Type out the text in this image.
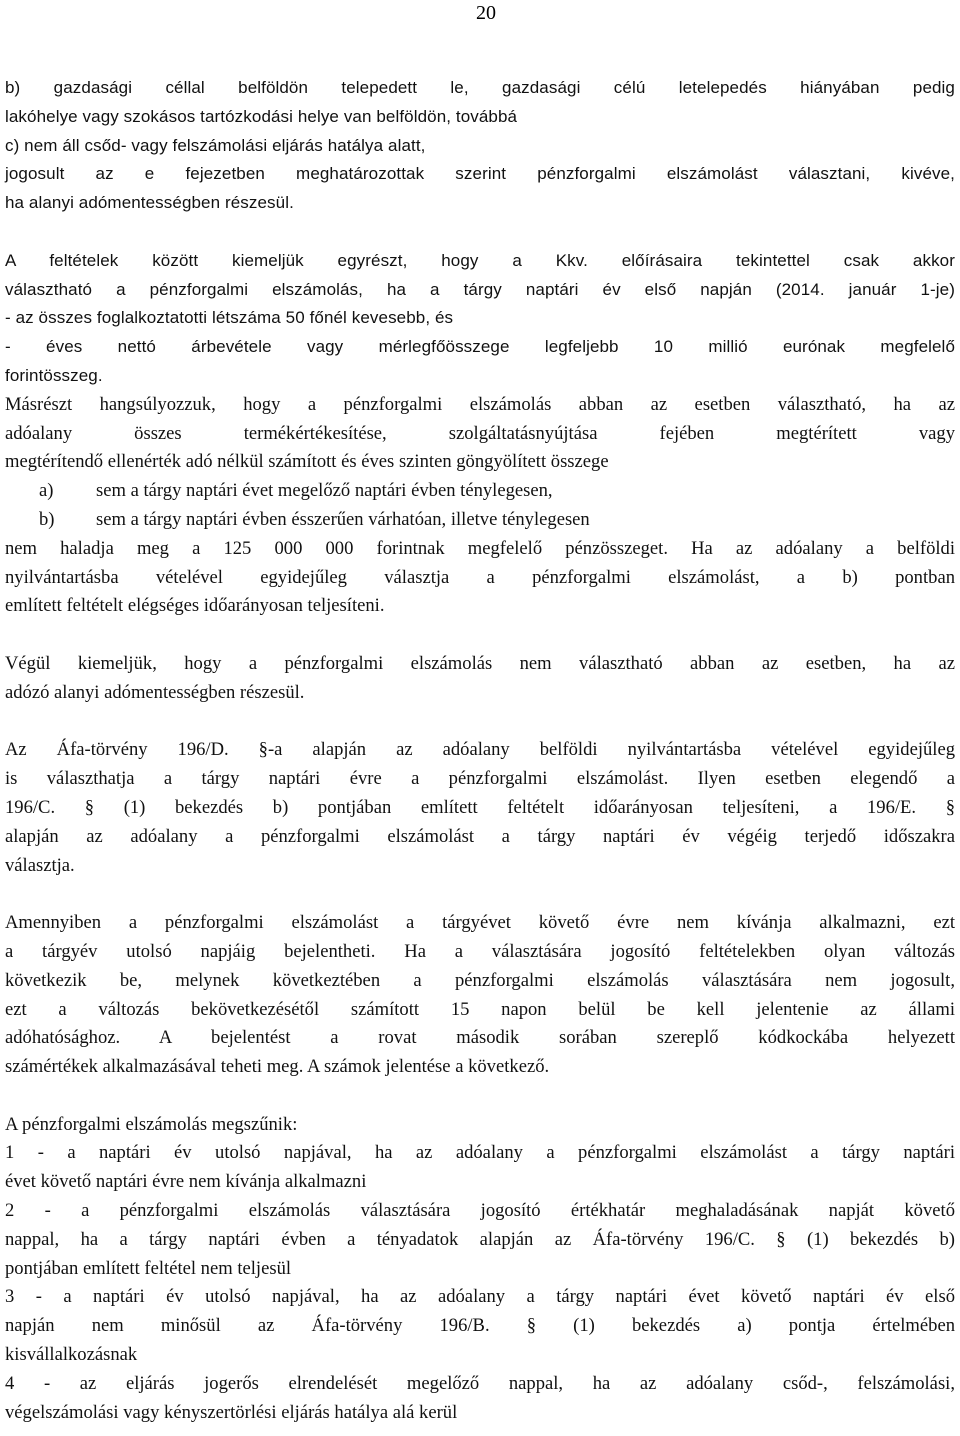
20
b) gazdasági céllal belföldön telepedett le, gazdasági célú letelepedés hiányában pedig
lakóhelye vagy szokásos tartózkodási helye van belföldön, továbbá
c) nem áll csőd- vagy felszámolási eljárás hatálya alatt,
jogosult az e fejezetben meghatározottak szerint pénzforgalmi elszámolást választani, kivéve,
ha alanyi adómentességben részesül.
A feltételek között kiemeljük egyrészt, hogy a Kkv. előírásaira tekintettel csak akkor
választható a pénzforgalmi elszámolás, ha a tárgy naptári év első napján (2014. január 1-je)
- az összes foglalkoztatotti létszáma 50 főnél kevesebb, és
- éves nettó árbevétele vagy mérlegfőösszege legfeljebb 10 millió eurónak megfelelő
forintösszeg.
Másrészt hangsúlyozzuk, hogy a pénzforgalmi elszámolás abban az esetben választható, ha az
adóalany összes termékértékesítése, szolgáltatásnyújtása fejében megtérített vagy
megtérítendő ellenérték adó nélkül számított és éves szinten göngyölített összege
a) sem a tárgy naptári évet megelőző naptári évben ténylegesen,
b) sem a tárgy naptári évben ésszerűen várhatóan, illetve ténylegesen
nem haladja meg a 125 000 000 forintnak megfelelő pénzösszeget. Ha az adóalany a belföldi
nyilvántartásba vételével egyidejűleg választja a pénzforgalmi elszámolást, a b) pontban
említett feltételt elégséges időarányosan teljesíteni.
Végül kiemeljük, hogy a pénzforgalmi elszámolás nem választható abban az esetben, ha az
adózó alanyi adómentességben részesül.
Az Áfa-törvény 196/D. §-a alapján az adóalany belföldi nyilvántartásba vételével egyidejűleg
is választhatja a tárgy naptári évre a pénzforgalmi elszámolást. Ilyen esetben elegendő a
196/C. § (1) bekezdés b) pontjában említett feltételt időarányosan teljesíteni, a 196/E. §
alapján az adóalany a pénzforgalmi elszámolást a tárgy naptári év végéig terjedő időszakra
választja.
Amennyiben a pénzforgalmi elszámolást a tárgyévet követő évre nem kívánja alkalmazni, ezt
a tárgyév utolsó napjáig bejelentheti. Ha a választására jogosító feltételekben olyan változás
következik be, melynek következtében a pénzforgalmi elszámolás választására nem jogosult,
ezt a változás bekövetkezésétől számított 15 napon belül be kell jelentenie az állami
adóhatósághoz. A bejelentést a rovat második sorában szereplő kódkockába helyezett
számértékek alkalmazásával teheti meg. A számok jelentése a következő.
A pénzforgalmi elszámolás megszűnik:
1 - a naptári év utolsó napjával, ha az adóalany a pénzforgalmi elszámolást a tárgy naptári
évet követő naptári évre nem kívánja alkalmazni
2 - a pénzforgalmi elszámolás választására jogosító értékhatár meghaladásának napját követő
nappal, ha a tárgy naptári évben a tényadatok alapján az Áfa-törvény 196/C. § (1) bekezdés b)
pontjában említett feltétel nem teljesül
3 - a naptári év utolsó napjával, ha az adóalany a tárgy naptári évet követő naptári év első
napján nem minősül az Áfa-törvény 196/B. § (1) bekezdés a) pontja értelmében
kisvállalkozásnak
4 - az eljárás jogerős elrendelését megelőző nappal, ha az adóalany csőd-, felszámolási,
végelszámolási vagy kényszertörlési eljárás hatálya alá kerül
